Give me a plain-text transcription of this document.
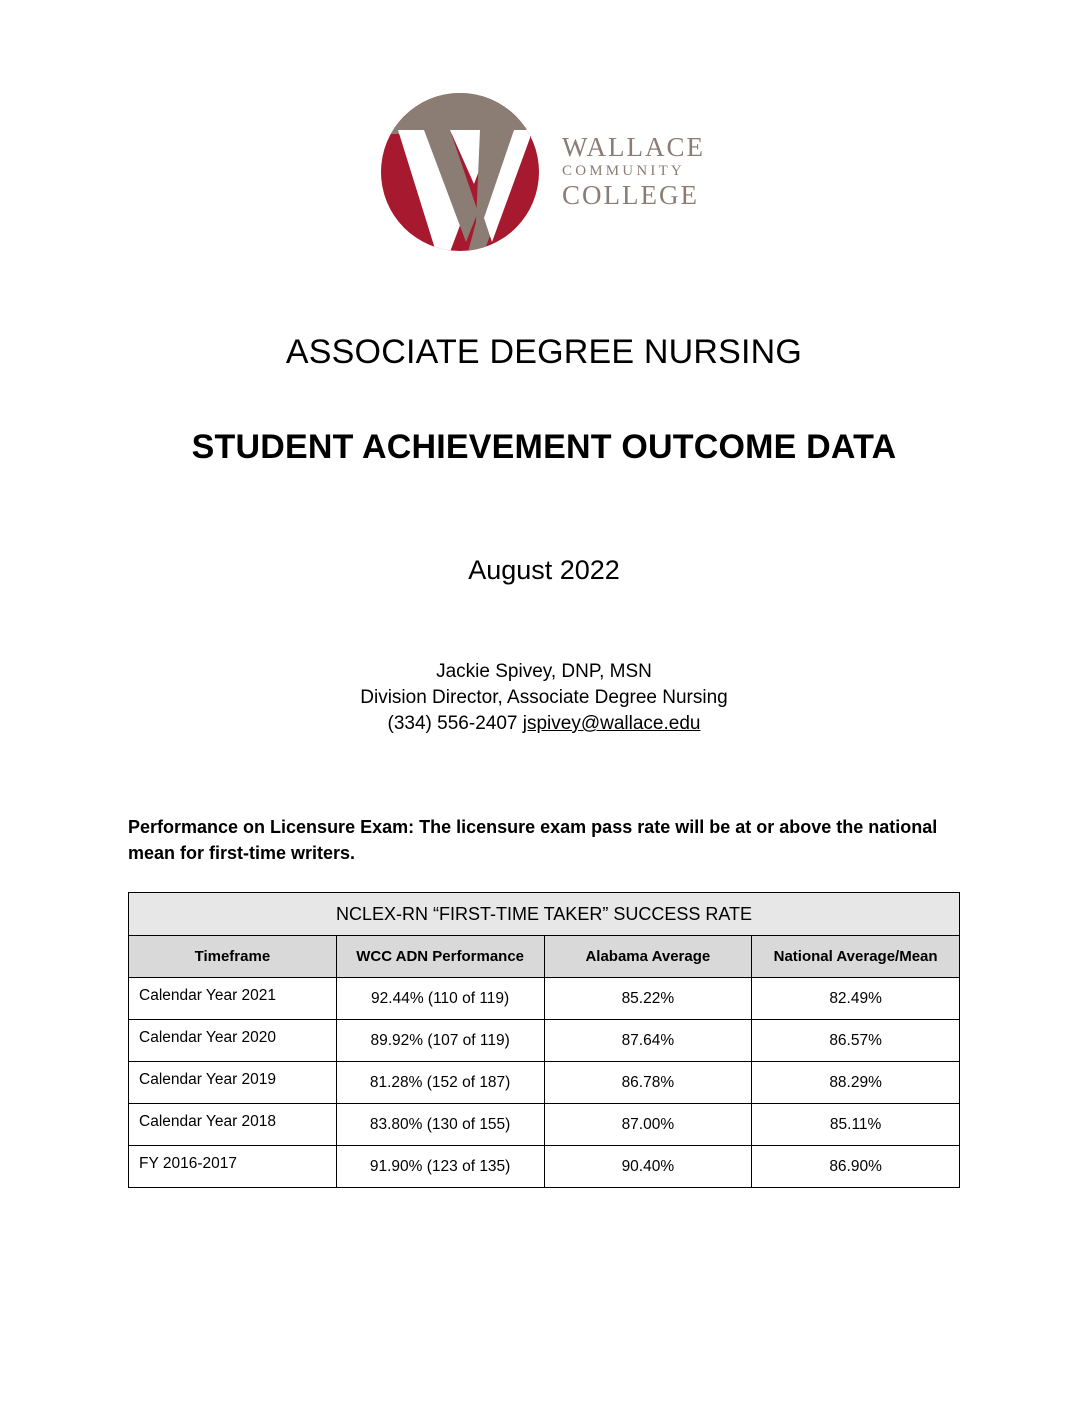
WALLACE
COMMUNITY
COLLEGE
ASSOCIATE DEGREE NURSING
STUDENT ACHIEVEMENT OUTCOME DATA
August 2022
Jackie Spivey, DNP, MSN
Division Director, Associate Degree Nursing
(334) 556-2407 jspivey@wallace.edu
Performance on Licensure Exam: The licensure exam pass rate will be at or above the national mean for first-time writers.
NCLEX-RN “FIRST-TIME TAKER” SUCCESS RATE			
Timeframe	WCC ADN Performance	Alabama Average	National Average/Mean
Calendar Year 2021	92.44% (110 of 119)	85.22%	82.49%
Calendar Year 2020	89.92% (107 of 119)	87.64%	86.57%
Calendar Year 2019	81.28% (152 of 187)	86.78%	88.29%
Calendar Year 2018	83.80% (130 of 155)	87.00%	85.11%
FY 2016-2017	91.90% (123 of 135)	90.40%	86.90%
